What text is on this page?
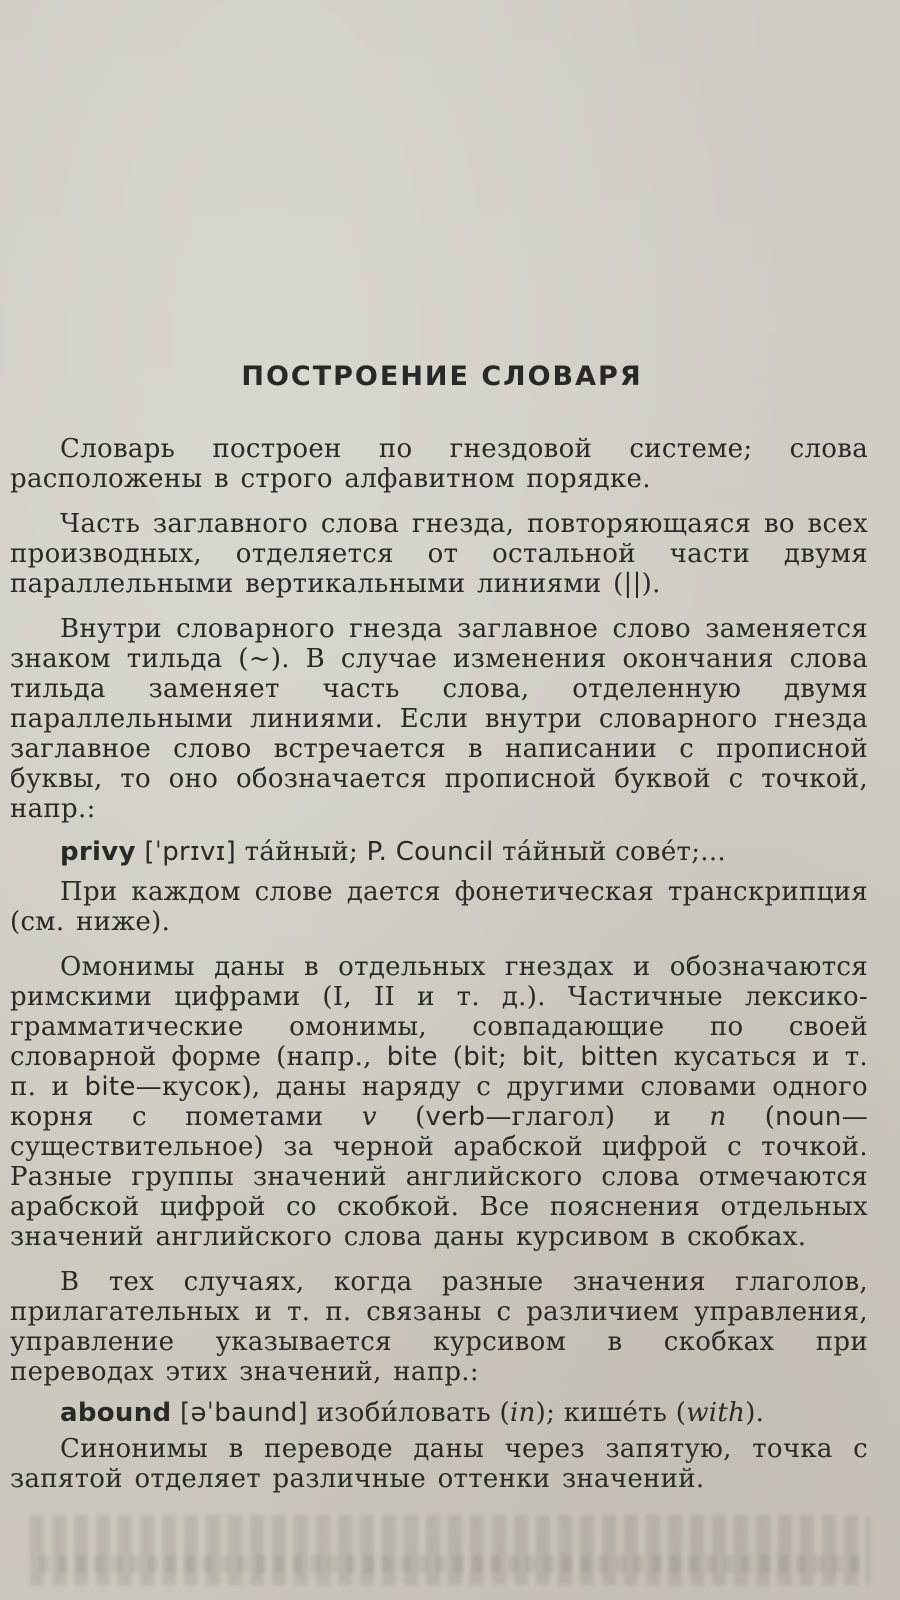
ПОСТРОЕНИЕ СЛОВАРЯ

Словарь построен по гнездовой системе; слова расположены в строго алфавитном порядке.

Часть заглавного слова гнезда, повторяющаяся во всех производных, отделяется от остальной части двумя параллельными вертикальными линиями (||).

Внутри словарного гнезда заглавное слово заменяется знаком тильда (~). В случае изменения окончания слова тильда заменяет часть слова, отделенную двумя параллельными линиями. Если внутри словарного гнезда заглавное слово встречается в написании с прописной буквы, то оно обозначается прописной буквой с точкой, напр.:

privy [ˈprɪvɪ] та́йный; P. Council та́йный сове́т;...

При каждом слове дается фонетическая транскрипция (см. ниже).

Омонимы даны в отдельных гнездах и обозначаются римскими цифрами (I, II и т. д.). Частичные лексико-грамматические омонимы, совпадающие по своей словарной форме (напр., bite (bit; bit, bitten кусаться и т. п. и bite—кусок), даны наряду с другими словами одного корня с пометами v (verb—глагол) и n (noun—существительное) за черной арабской цифрой с точкой. Разные группы значений английского слова отмечаются арабской цифрой со скобкой. Все пояснения отдельных значений английского слова даны курсивом в скобках.

В тех случаях, когда разные значения глаголов, прилагательных и т. п. связаны с различием управления, управление указывается курсивом в скобках при переводах этих значений, напр.:

abound [əˈbaund] изоби́ловать (in); кише́ть (with).

Синонимы в переводе даны через запятую, точка с запятой отделяет различные оттенки значений.
